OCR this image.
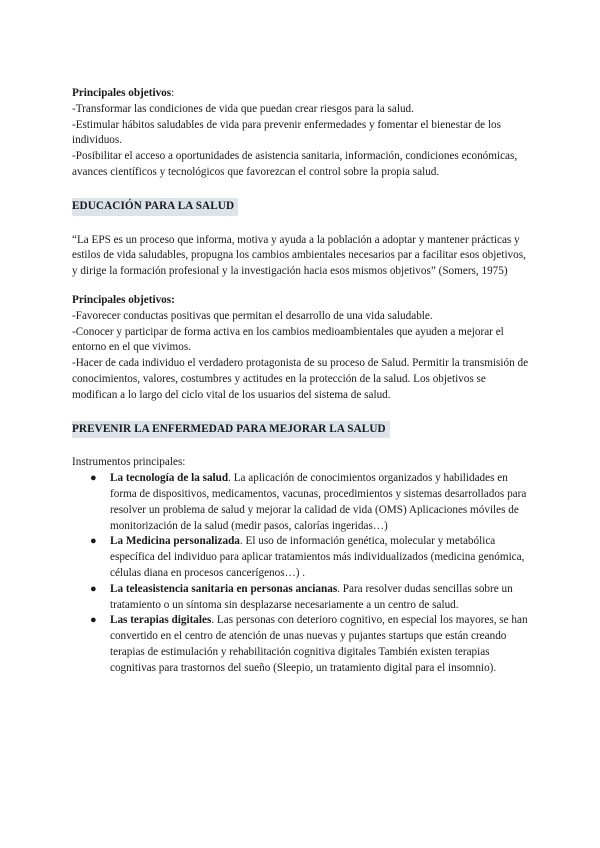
Principales objetivos:

-Transformar las condiciones de vida que puedan crear riesgos para la salud.

-Estimular hábitos saludables de vida para prevenir enfermedades y fomentar el bienestar de los individuos.

-Posibilitar el acceso a oportunidades de asistencia sanitaria, información, condiciones económicas, avances científicos y tecnológicos que favorezcan el control sobre la propia salud.

EDUCACIÓN PARA LA SALUD

“La EPS es un proceso que informa, motiva y ayuda a la población a adoptar y mantener prácticas y estilos de vida saludables, propugna los cambios ambientales necesarios par a facilitar esos objetivos, y dirige la formación profesional y la investigación hacia esos mismos objetivos” (Somers, 1975)

Principales objetivos:

-Favorecer conductas positivas que permitan el desarrollo de una vida saludable.

-Conocer y participar de forma activa en los cambios medioambientales que ayuden a mejorar el entorno en el que vivimos.

-Hacer de cada individuo el verdadero protagonista de su proceso de Salud. Permitir la transmisión de conocimientos, valores, costumbres y actitudes en la protección de la salud. Los objetivos se modifican a lo largo del ciclo vital de los usuarios del sistema de salud.

PREVENIR LA ENFERMEDAD PARA MEJORAR LA SALUD

Instrumentos principales:

● La tecnología de la salud. La aplicación de conocimientos organizados y habilidades en forma de dispositivos, medicamentos, vacunas, procedimientos y sistemas desarrollados para resolver un problema de salud y mejorar la calidad de vida (OMS) Aplicaciones móviles de monitorización de la salud (medir pasos, calorías ingeridas…)
● La Medicina personalizada. El uso de información genética, molecular y metabólica específica del individuo para aplicar tratamientos más individualizados (medicina genómica, células diana en procesos cancerígenos…) .
● La teleasistencia sanitaria en personas ancianas. Para resolver dudas sencillas sobre un tratamiento o un síntoma sin desplazarse necesariamente a un centro de salud.
● Las terapias digitales. Las personas con deterioro cognitivo, en especial los mayores, se han convertido en el centro de atención de unas nuevas y pujantes startups que están creando terapias de estimulación y rehabilitación cognitiva digitales También existen terapias cognitivas para trastornos del sueño (Sleepio, un tratamiento digital para el insomnio).
